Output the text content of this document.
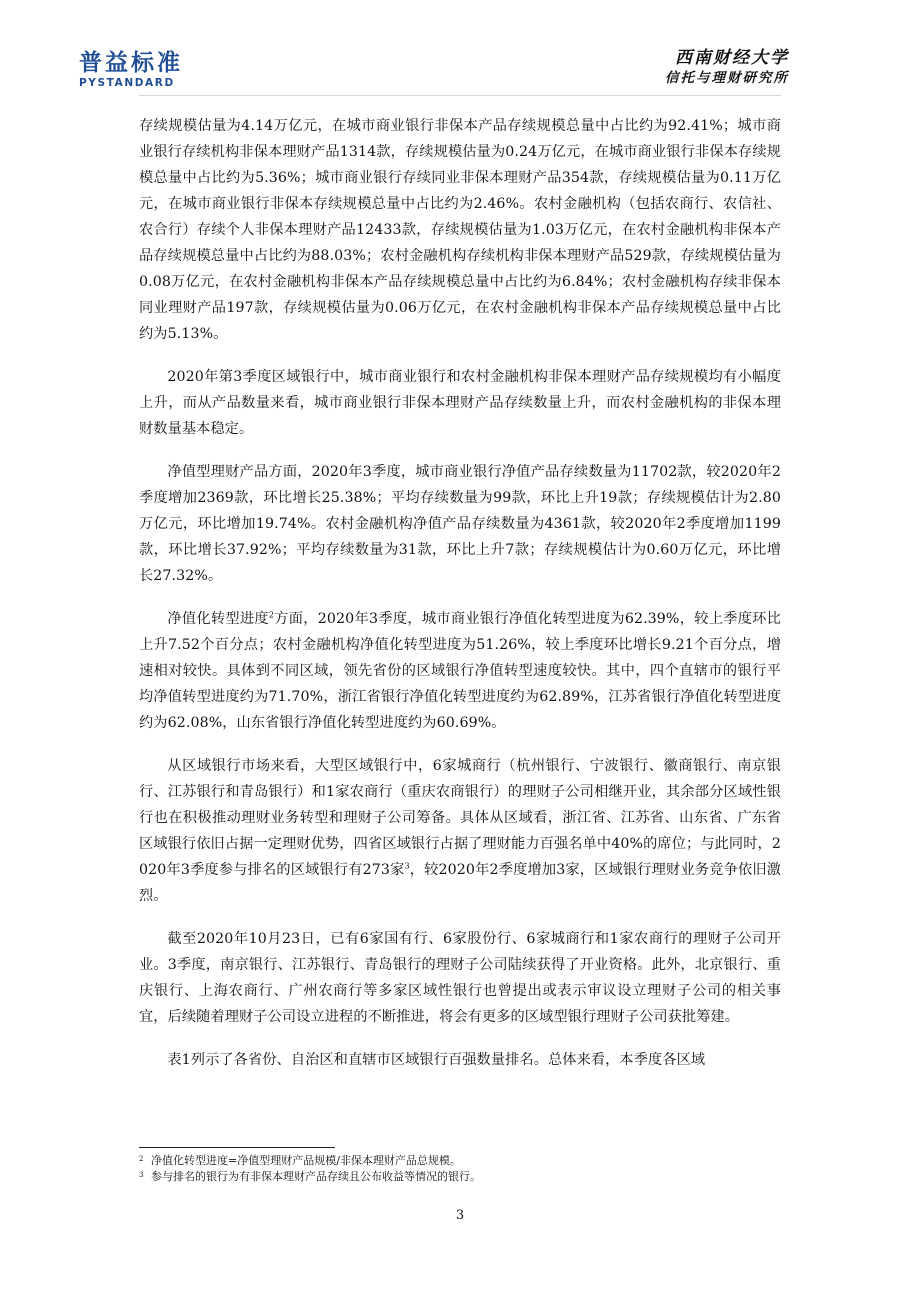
普益标准
PYSTANDARD
西南财经大学
信托与理财研究所

存续规模估量为4.14万亿元，在城市商业银行非保本产品存续规模总量中占比约为92.41%；城市商业银行存续机构非保本理财产品1314款，存续规模估量为0.24万亿元，在城市商业银行非保本存续规模总量中占比约为5.36%；城市商业银行存续同业非保本理财产品354款，存续规模估量为0.11万亿元，在城市商业银行非保本存续规模总量中占比约为2.46%。农村金融机构（包括农商行、农信社、农合行）存续个人非保本理财产品12433款，存续规模估量为1.03万亿元，在农村金融机构非保本产品存续规模总量中占比约为88.03%；农村金融机构存续机构非保本理财产品529款，存续规模估量为0.08万亿元，在农村金融机构非保本产品存续规模总量中占比约为6.84%；农村金融机构存续非保本同业理财产品197款，存续规模估量为0.06万亿元，在农村金融机构非保本产品存续规模总量中占比约为5.13%。

2020年第3季度区域银行中，城市商业银行和农村金融机构非保本理财产品存续规模均有小幅度上升，而从产品数量来看，城市商业银行非保本理财产品存续数量上升，而农村金融机构的非保本理财数量基本稳定。

净值型理财产品方面，2020年3季度，城市商业银行净值产品存续数量为11702款，较2020年2季度增加2369款，环比增长25.38%；平均存续数量为99款，环比上升19款；存续规模估计为2.80万亿元，环比增加19.74%。农村金融机构净值产品存续数量为4361款，较2020年2季度增加1199款，环比增长37.92%；平均存续数量为31款，环比上升7款；存续规模估计为0.60万亿元，环比增长27.32%。

净值化转型进度$^2$方面，2020年3季度，城市商业银行净值化转型进度为62.39%，较上季度环比上升7.52个百分点；农村金融机构净值化转型进度为51.26%，较上季度环比增长9.21个百分点，增速相对较快。具体到不同区域，领先省份的区域银行净值转型速度较快。其中，四个直辖市的银行平均净值转型进度约为71.70%，浙江省银行净值化转型进度约为62.89%，江苏省银行净值化转型进度约为62.08%，山东省银行净值化转型进度约为60.69%。

从区域银行市场来看，大型区域银行中，6家城商行（杭州银行、宁波银行、徽商银行、南京银行、江苏银行和青岛银行）和1家农商行（重庆农商银行）的理财子公司相继开业，其余部分区域性银行也在积极推动理财业务转型和理财子公司筹备。具体从区域看，浙江省、江苏省、山东省、广东省区域银行依旧占据一定理财优势，四省区域银行占据了理财能力百强名单中40%的席位；与此同时，2020年3季度参与排名的区域银行有273家$^3$，较2020年2季度增加3家，区域银行理财业务竞争依旧激烈。

截至2020年10月23日，已有6家国有行、6家股份行、6家城商行和1家农商行的理财子公司开业。3季度，南京银行、江苏银行、青岛银行的理财子公司陆续获得了开业资格。此外，北京银行、重庆银行、上海农商行、广州农商行等多家区域性银行也曾提出或表示审议设立理财子公司的相关事宜，后续随着理财子公司设立进程的不断推进，将会有更多的区域型银行理财子公司获批筹建。

表1列示了各省份、自治区和直辖市区域银行百强数量排名。总体来看，本季度各区域

2 净值化转型进度=净值型理财产品规模/非保本理财产品总规模。
3 参与排名的银行为有非保本理财产品存续且公布收益等情况的银行。
3
